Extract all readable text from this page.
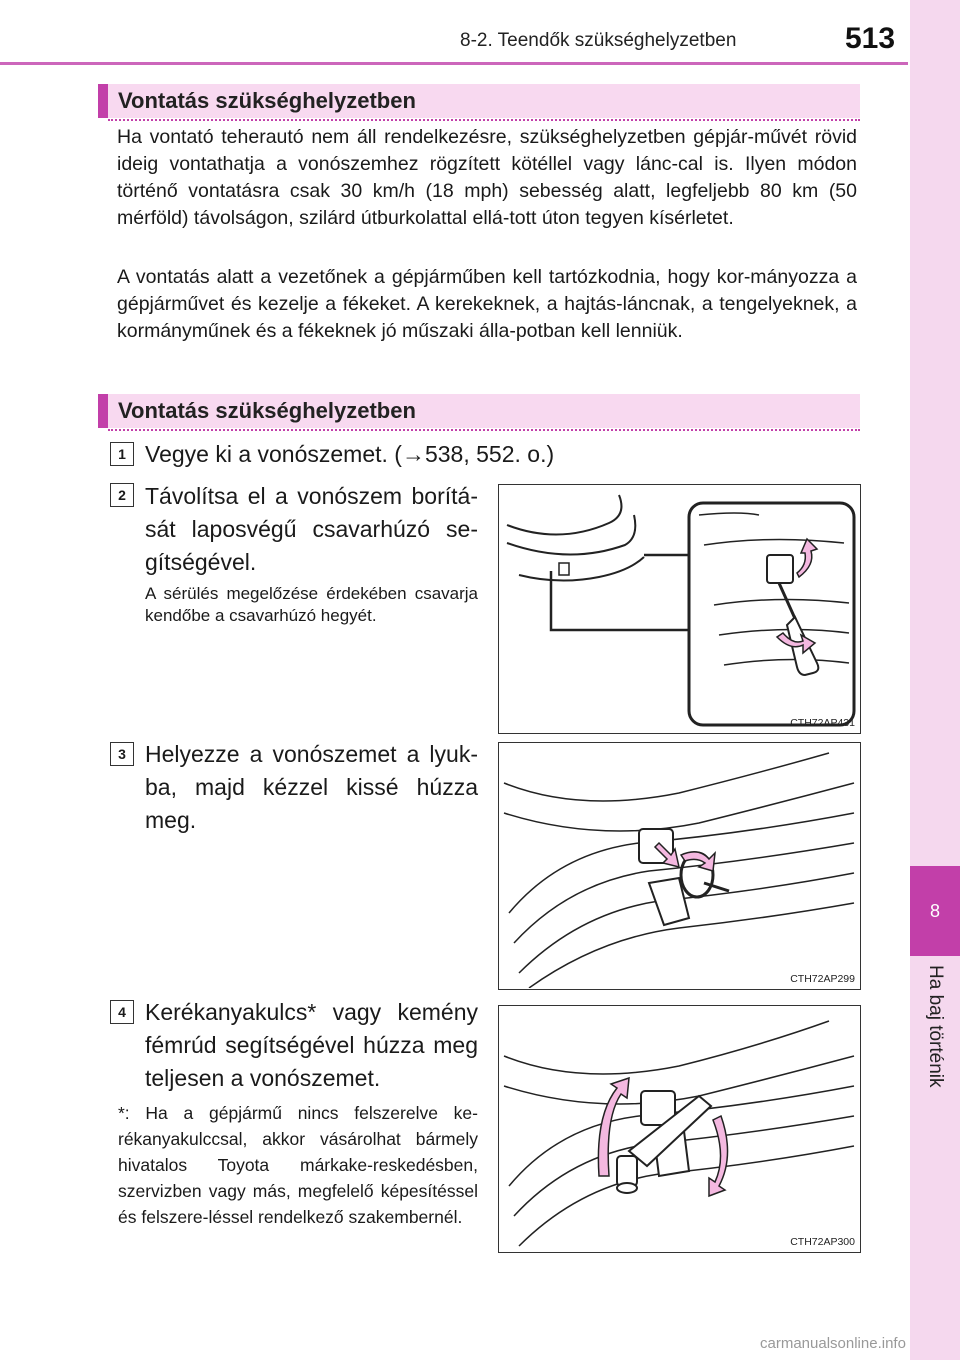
8-2. Teendők szükséghelyzetben	513
8
Ha baj történik
Vontatás szükséghelyzetben

Ha vontató teherautó nem áll rendelkezésre, szükséghelyzetben gépjár-művét rövid ideig vontathatja a vonószemhez rögzített kötéllel vagy lánc-cal is. Ilyen módon történő vontatásra csak 30 km/h (18 mph) sebesség alatt, legfeljebb 80 km (50 mérföld) távolságon, szilárd útburkolattal ellá-tott úton tegyen kísérletet.

A vontatás alatt a vezetőnek a gépjárműben kell tartózkodnia, hogy kor-mányozza a gépjárművet és kezelje a fékeket. A kerekeknek, a hajtás-láncnak, a tengelyeknek, a kormányműnek és a fékeknek jó műszaki álla-potban kell lenniük.

Vontatás szükséghelyzetben
1 Vegye ki a vonószemet. (→538, 552. o.)

2 Távolítsa el a vonószem borítá-sát laposvégű csavarhúzó se-gítségével.

A sérülés megelőzése érdekében csavarja kendőbe a csavarhúzó hegyét.

CTH72AP431
3 Helyezze a vonószemet a lyuk-ba, majd kézzel kissé húzza meg.

CTH72AP299
4 Kerékanyakulcs* vagy kemény fémrúd segítségével húzza meg teljesen a vonószemet.

CTH72AP300

*: Ha a gépjármű nincs felszerelve ke-rékanyakulccsal, akkor vásárolhat bármely hivatalos Toyota márkake-reskedésben, szervizben vagy más, megfelelő képesítéssel és felszere-léssel rendelkező szakembernél.

carmanualsonline.info
